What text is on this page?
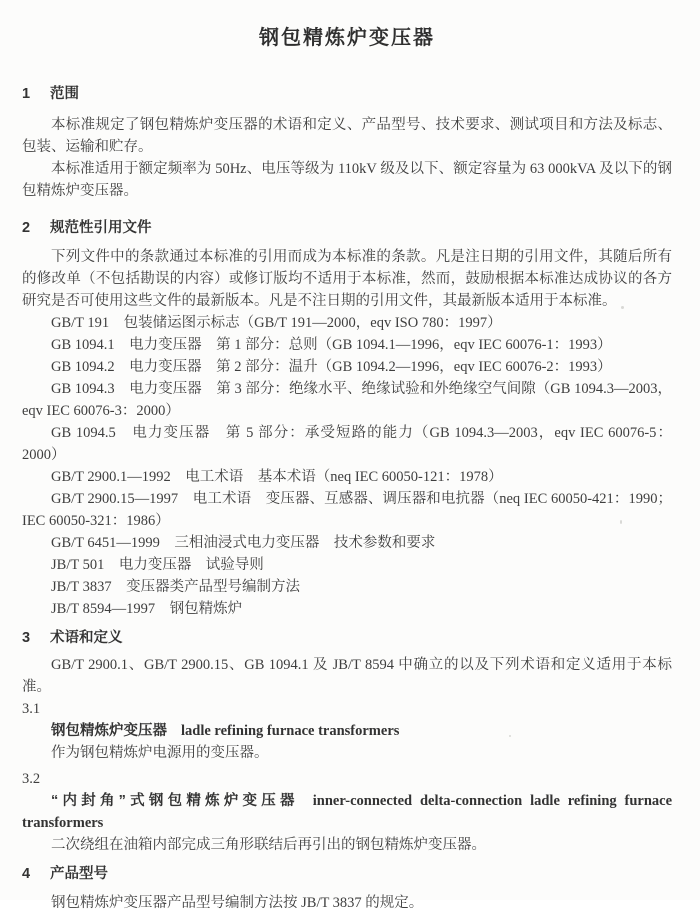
钢包精炼炉变压器
1 范围

本标准规定了钢包精炼炉变压器的术语和定义、产品型号、技术要求、测试项目和方法及标志、包装、运输和贮存。

本标准适用于额定频率为 50Hz、电压等级为 110kV 级及以下、额定容量为 63 000kVA 及以下的钢包精炼炉变压器。

2 规范性引用文件

下列文件中的条款通过本标准的引用而成为本标准的条款。凡是注日期的引用文件，其随后所有的修改单（不包括勘误的内容）或修订版均不适用于本标准，然而，鼓励根据本标准达成协议的各方研究是否可使用这些文件的最新版本。凡是不注日期的引用文件，其最新版本适用于本标准。

GB/T 191　包装储运图示标志（GB/T 191—2000，eqv ISO 780：1997）

GB 1094.1　电力变压器　第 1 部分：总则（GB 1094.1—1996，eqv IEC 60076-1：1993）

GB 1094.2　电力变压器　第 2 部分：温升（GB 1094.2—1996，eqv IEC 60076-2：1993）

GB 1094.3　电力变压器　第 3 部分：绝缘水平、绝缘试验和外绝缘空气间隙（GB 1094.3—2003，eqv IEC 60076-3：2000）

GB 1094.5　电力变压器　第 5 部分：承受短路的能力（GB 1094.3—2003，eqv IEC 60076-5：2000）

GB/T 2900.1—1992　电工术语　基本术语（neq IEC 60050-121：1978）

GB/T 2900.15—1997　电工术语　变压器、互感器、调压器和电抗器（neq IEC 60050-421：1990；IEC 60050-321：1986）

GB/T 6451—1999　三相油浸式电力变压器　技术参数和要求

JB/T 501　电力变压器　试验导则

JB/T 3837　变压器类产品型号编制方法

JB/T 8594—1997　钢包精炼炉

3 术语和定义

GB/T 2900.1、GB/T 2900.15、GB 1094.1 及 JB/T 8594 中确立的以及下列术语和定义适用于本标准。

3.1

钢包精炼炉变压器 ladle refining furnace transformers

作为钢包精炼炉电源用的变压器。

3.2

“内封角”式钢包精炼炉变压器 inner-connected delta-connection ladle refining furnace transformers

二次绕组在油箱内部完成三角形联结后再引出的钢包精炼炉变压器。

4 产品型号

钢包精炼炉变压器产品型号编制方法按 JB/T 3837 的规定。
